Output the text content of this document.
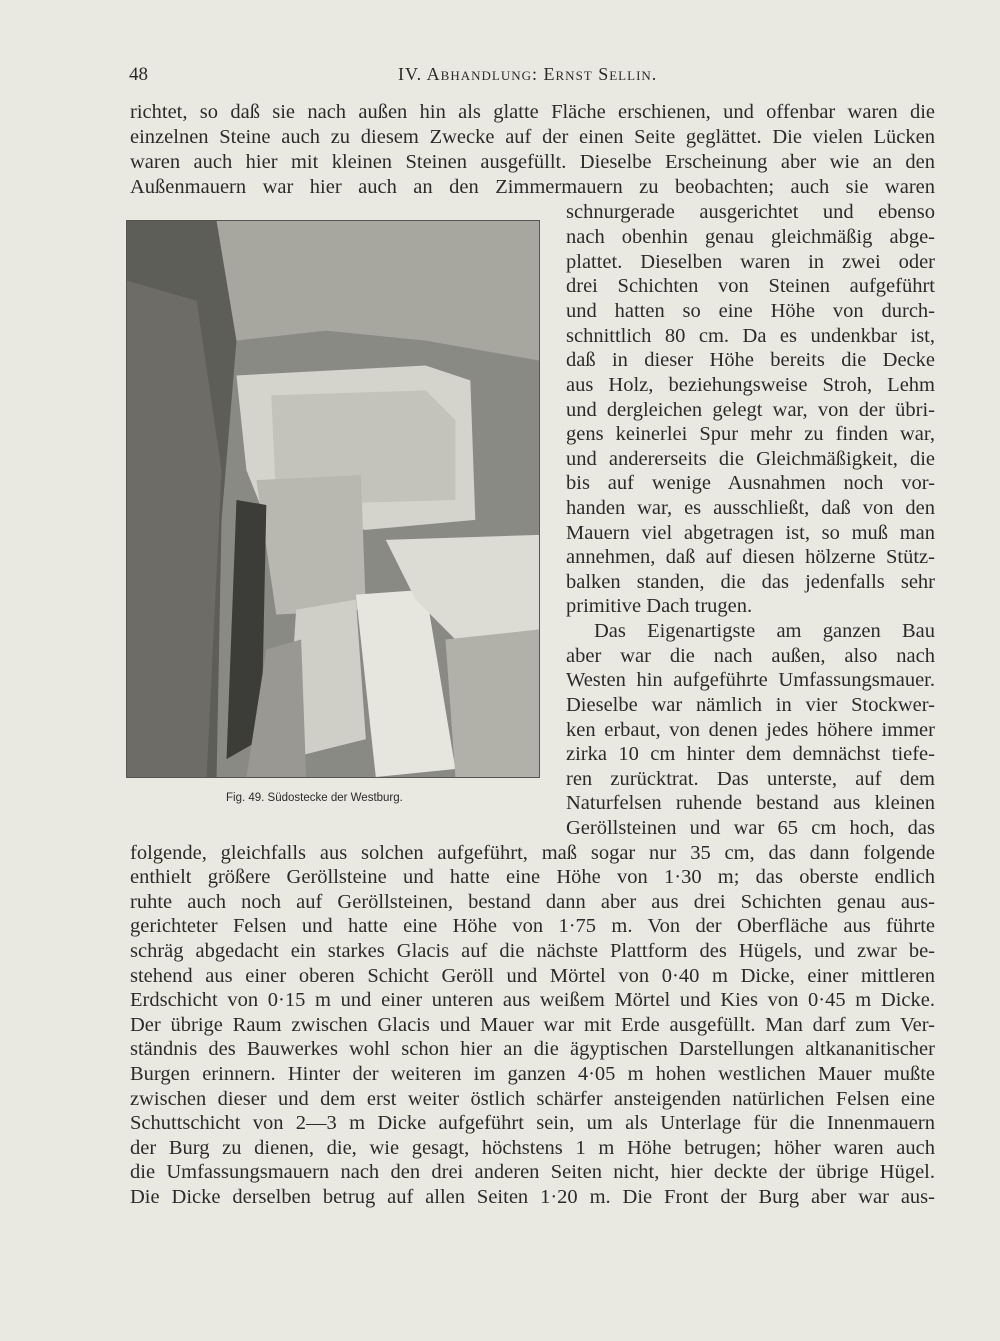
48	IV. Abhandlung: Ernst Sellin.
Fig. 49. Südostecke der Westburg.
richtet, so daß sie nach außen hin als glatte Fläche erschienen, und offenbar waren die
einzelnen Steine auch zu diesem Zwecke auf der einen Seite geglättet. Die vielen Lücken
waren auch hier mit kleinen Steinen ausgefüllt. Dieselbe Erscheinung aber wie an den
Außenmauern war hier auch an den Zimmermauern zu beobachten; auch sie waren
schnurgerade ausgerichtet und ebenso
nach obenhin genau gleichmäßig abge-
plattet. Dieselben waren in zwei oder
drei Schichten von Steinen aufgeführt
und hatten so eine Höhe von durch-
schnittlich 80 cm. Da es undenkbar ist,
daß in dieser Höhe bereits die Decke
aus Holz, beziehungsweise Stroh, Lehm
und dergleichen gelegt war, von der übri-
gens keinerlei Spur mehr zu finden war,
und andererseits die Gleichmäßigkeit, die
bis auf wenige Ausnahmen noch vor-
handen war, es ausschließt, daß von den
Mauern viel abgetragen ist, so muß man
annehmen, daß auf diesen hölzerne Stütz-
balken standen, die das jedenfalls sehr
primitive Dach trugen.
Das Eigenartigste am ganzen Bau
aber war die nach außen, also nach
Westen hin aufgeführte Umfassungsmauer.
Dieselbe war nämlich in vier Stockwer-
ken erbaut, von denen jedes höhere immer
zirka 10 cm hinter dem demnächst tiefe-
ren zurücktrat. Das unterste, auf dem
Naturfelsen ruhende bestand aus kleinen
Geröllsteinen und war 65 cm hoch, das
folgende, gleichfalls aus solchen aufgeführt, maß sogar nur 35 cm, das dann folgende
enthielt größere Geröllsteine und hatte eine Höhe von 1·30 m; das oberste endlich
ruhte auch noch auf Geröllsteinen, bestand dann aber aus drei Schichten genau aus-
gerichteter Felsen und hatte eine Höhe von 1·75 m. Von der Oberfläche aus führte
schräg abgedacht ein starkes Glacis auf die nächste Plattform des Hügels, und zwar be-
stehend aus einer oberen Schicht Geröll und Mörtel von 0·40 m Dicke, einer mittleren
Erdschicht von 0·15 m und einer unteren aus weißem Mörtel und Kies von 0·45 m Dicke.
Der übrige Raum zwischen Glacis und Mauer war mit Erde ausgefüllt. Man darf zum Ver-
ständnis des Bauwerkes wohl schon hier an die ägyptischen Darstellungen altkananitischer
Burgen erinnern. Hinter der weiteren im ganzen 4·05 m hohen westlichen Mauer mußte
zwischen dieser und dem erst weiter östlich schärfer ansteigenden natürlichen Felsen eine
Schuttschicht von 2—3 m Dicke aufgeführt sein, um als Unterlage für die Innenmauern
der Burg zu dienen, die, wie gesagt, höchstens 1 m Höhe betrugen; höher waren auch
die Umfassungsmauern nach den drei anderen Seiten nicht, hier deckte der übrige Hügel.
Die Dicke derselben betrug auf allen Seiten 1·20 m. Die Front der Burg aber war aus-
